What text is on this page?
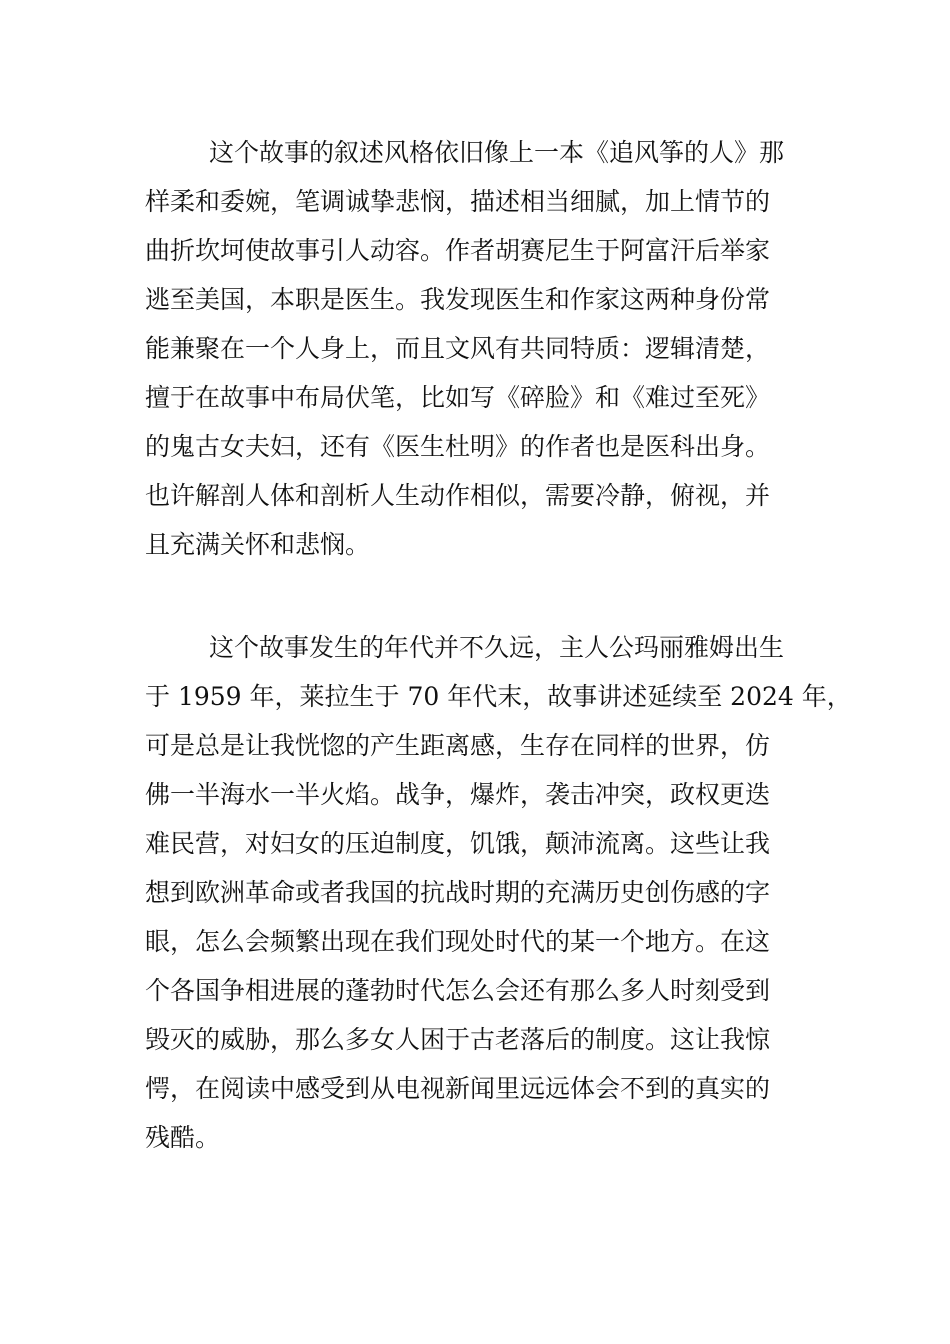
这个故事的叙述风格依旧像上一本《追风筝的人》那
样柔和委婉，笔调诚挚悲悯，描述相当细腻，加上情节的
曲折坎坷使故事引人动容。作者胡赛尼生于阿富汗后举家
逃至美国，本职是医生。我发现医生和作家这两种身份常
能兼聚在一个人身上，而且文风有共同特质：逻辑清楚，
擅于在故事中布局伏笔，比如写《碎脸》和《难过至死》
的鬼古女夫妇，还有《医生杜明》的作者也是医科出身。
也许解剖人体和剖析人生动作相似，需要冷静，俯视，并
且充满关怀和悲悯。
这个故事发生的年代并不久远，主人公玛丽雅姆出生
于 1959 年，莱拉生于 70 年代末，故事讲述延续至 2024 年，
可是总是让我恍惚的产生距离感，生存在同样的世界，仿
佛一半海水一半火焰。战争，爆炸，袭击冲突，政权更迭
难民营，对妇女的压迫制度，饥饿，颠沛流离。这些让我
想到欧洲革命或者我国的抗战时期的充满历史创伤感的字
眼，怎么会频繁出现在我们现处时代的某一个地方。在这
个各国争相进展的蓬勃时代怎么会还有那么多人时刻受到
毁灭的威胁，那么多女人困于古老落后的制度。这让我惊
愕，在阅读中感受到从电视新闻里远远体会不到的真实的
残酷。
